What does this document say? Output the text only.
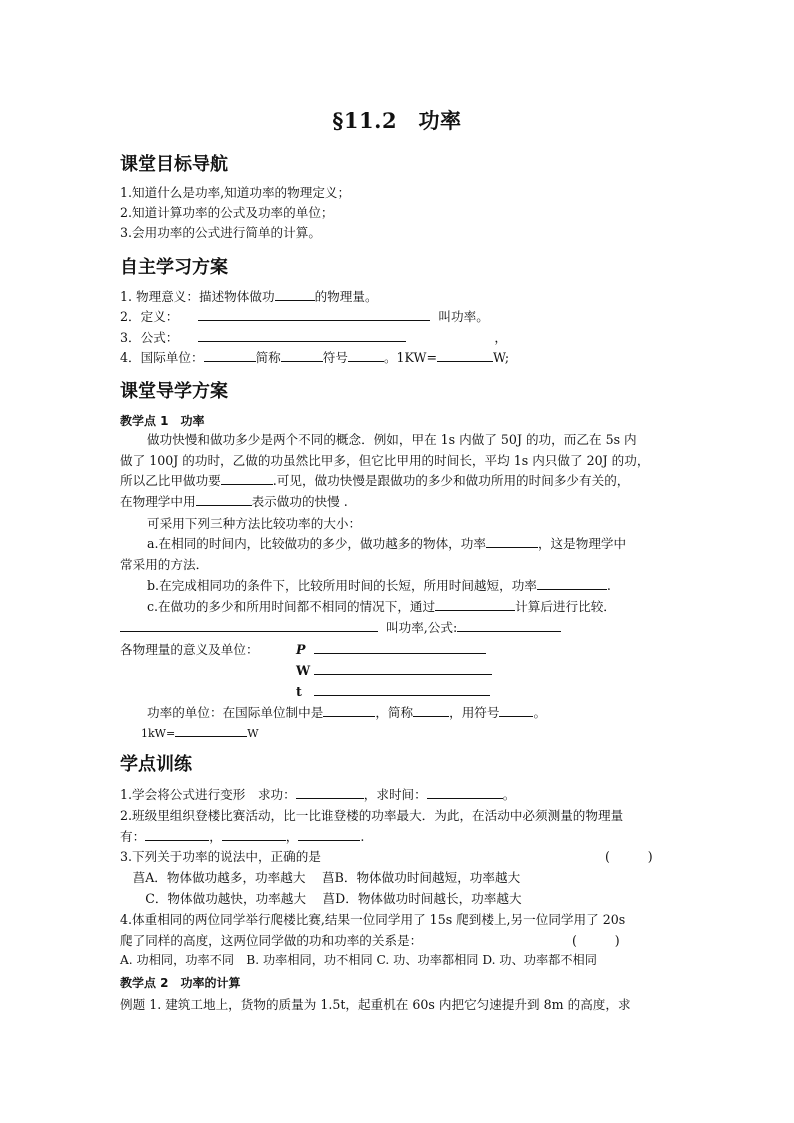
§11.2　功率
课堂目标导航
1.知道什么是功率,知道功率的物理定义；
2.知道计算功率的公式及功率的单位；
3.会用功率的公式进行简单的计算。
自主学习方案
1. 物理意义：描述物体做功	的物理量。
2．定义：	叫功率。
3．公式：	，
4．国际单位：	简称	符号	。1KW=	W;
课堂导学方案
教学点 1　功率
做功快慢和做功多少是两个不同的概念．例如，甲在 1s 内做了 50J 的功，而乙在 5s 内
做了 100J 的功时，乙做的功虽然比甲多，但它比甲用的时间长，平均 1s 内只做了 20J 的功，
所以乙比甲做功要	.可见，做功快慢是跟做功的多少和做功所用的时间多少有关的，
在物理学中用	表示做功的快慢 .
可采用下列三种方法比较功率的大小：
a.在相同的时间内，比较做功的多少，做功越多的物体，功率	，这是物理学中
常采用的方法．
b.在完成相同功的条件下，比较所用时间的长短，所用时间越短，功率	.
c.在做功的多少和所用时间都不相同的情况下，通过	计算后进行比较．
叫功率,公式:
各物理量的意义及单位：	P
W
t
功率的单位：在国际单位制中是	，简称	，用符号	。
1kW=	W
学点训练
1.学会将公式进行变形　求功：	，求时间：	。
2.班级里组织登楼比赛活动，比一比谁登楼的功率最大．为此，在活动中必须测量的物理量
有：	，	，	.
3.下列关于功率的说法中，正确的是	(　　　)
　菖A．物体做功越多，功率越大　 菖B．物体做功时间越短，功率越大
　　C．物体做功越快，功率越大　 菖D．物体做功时间越长，功率越大
4.体重相同的两位同学举行爬楼比赛,结果一位同学用了 15s 爬到楼上,另一位同学用了 20s
爬了同样的高度，这两位同学做的功和功率的关系是：	(　　　)
A. 功相同，功率不同　B. 功率相同，功不相同 C. 功、功率都相同 D. 功、功率都不相同
教学点 2　功率的计算
例题 1. 建筑工地上，货物的质量为 1.5t，起重机在 60s 内把它匀速提升到 8m 的高度，求
